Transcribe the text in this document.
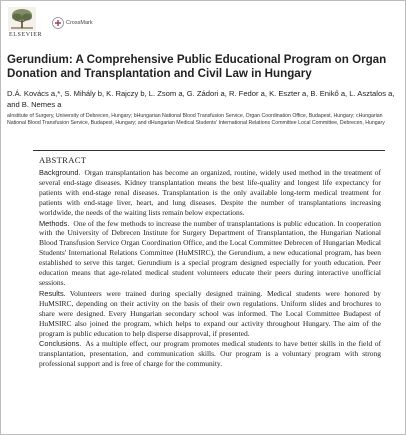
ELSEVIER
CrossMark
Gerundium: A Comprehensive Public Educational Program on Organ Donation and Transplantation and Civil Law in Hungary

D.Á. Kovács a,*, S. Mihály b, K. Rajczy b, L. Zsom a, G. Zádori a, R. Fedor a, K. Eszter a, B. Enikő a, L. Asztalos a, and B. Nemes a

aInstitute of Surgery, University of Debrecen, Hungary; bHungarian National Blood Transfusion Service, Organ Coordination Office, Budapest, Hungary; cHungarian National Blood Transfusion Service, Budapest, Hungary; and dHungarian Medical Students' International Relations Committee Local Committee, Debrecen, Hungary

ABSTRACT

Background. Organ transplantation has become an organized, routine, widely used method in the treatment of several end-stage diseases. Kidney transplantation means the best life-quality and longest life expectancy for patients with end-stage renal diseases. Transplantation is the only available long-term medical treatment for patients with end-stage liver, heart, and lung diseases. Despite the number of transplantations increasing worldwide, the needs of the waiting lists remain below expectations.

Methods. One of the few methods to increase the number of transplantations is public education. In cooperation with the University of Debrecen Institute for Surgery Department of Transplantation, the Hungarian National Blood Transfusion Service Organ Coordination Office, and the Local Committee Debrecen of Hungarian Medical Students' International Relations Committee (HuMSIRC), the Gerundium, a new educational program, has been established to serve this target. Gerundium is a special program designed especially for youth education. Peer education means that age-related medical student volunteers educate their peers during interactive unofficial sessions.

Results. Volunteers were trained during specially designed training. Medical students were honored by HuMSIRC, depending on their activity on the basis of their own regulations. Uniform slides and brochures to share were designed. Every Hungarian secondary school was informed. The Local Committee Budapest of HuMSIRC also joined the program, which helps to expand our activity throughout Hungary. The aim of the program is public education to help disperse disapproval, if presented.

Conclusions. As a multiple effect, our program promotes medical students to have better skills in the field of transplantation, presentation, and communication skills. Our program is a voluntary program with strong professional support and is free of charge for the community.
